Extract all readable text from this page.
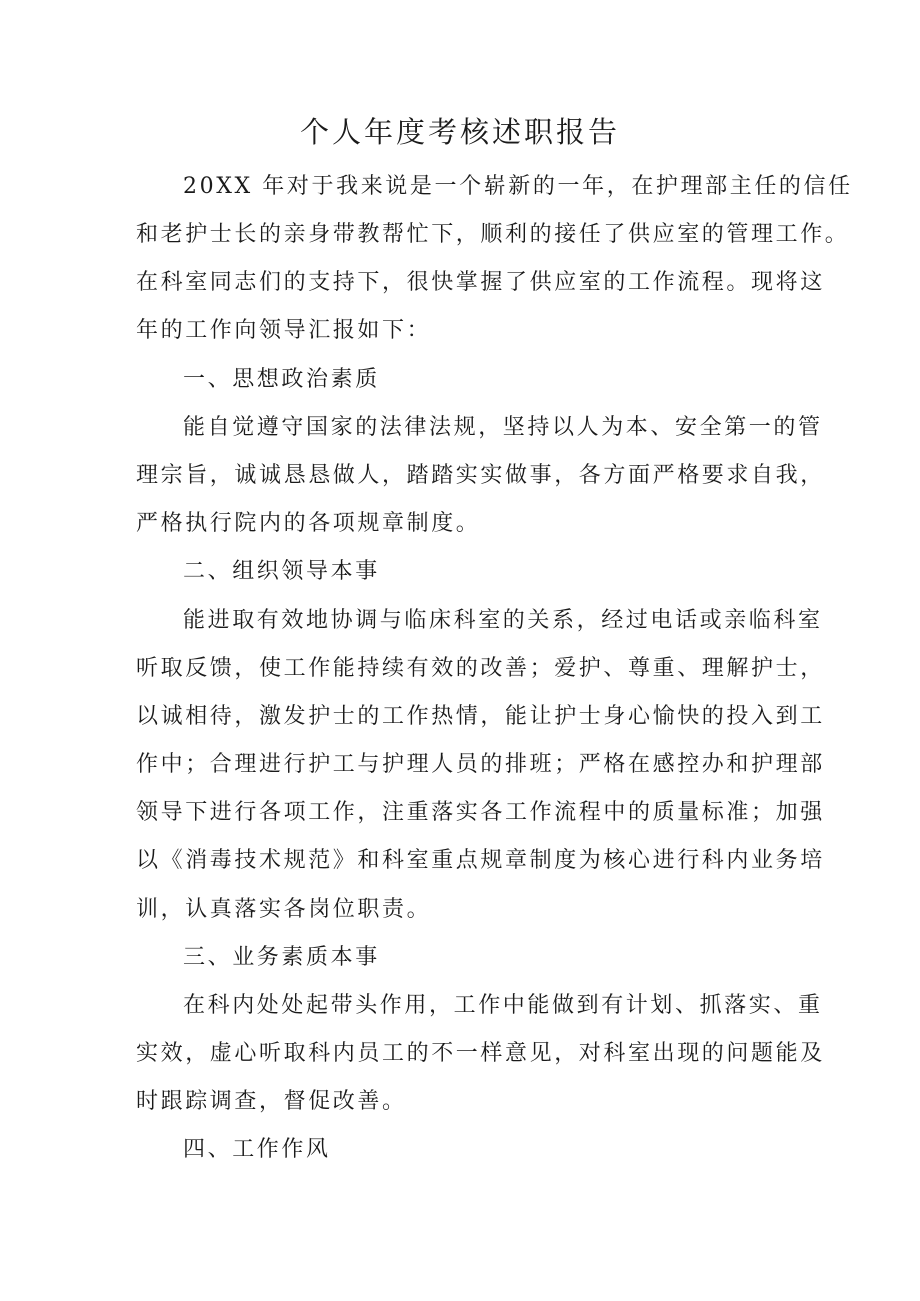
个人年度考核述职报告

20XX 年对于我来说是一个崭新的一年，在护理部主任的信任

和老护士长的亲身带教帮忙下，顺利的接任了供应室的管理工作。

在科室同志们的支持下，很快掌握了供应室的工作流程。现将这

年的工作向领导汇报如下：

一、思想政治素质

能自觉遵守国家的法律法规，坚持以人为本、安全第一的管

理宗旨，诚诚恳恳做人，踏踏实实做事，各方面严格要求自我，

严格执行院内的各项规章制度。

二、组织领导本事

能进取有效地协调与临床科室的关系，经过电话或亲临科室

听取反馈，使工作能持续有效的改善；爱护、尊重、理解护士，

以诚相待，激发护士的工作热情，能让护士身心愉快的投入到工

作中；合理进行护工与护理人员的排班；严格在感控办和护理部

领导下进行各项工作，注重落实各工作流程中的质量标准；加强

以《消毒技术规范》和科室重点规章制度为核心进行科内业务培

训，认真落实各岗位职责。

三、业务素质本事

在科内处处起带头作用，工作中能做到有计划、抓落实、重

实效，虚心听取科内员工的不一样意见，对科室出现的问题能及

时跟踪调查，督促改善。

四、工作作风
